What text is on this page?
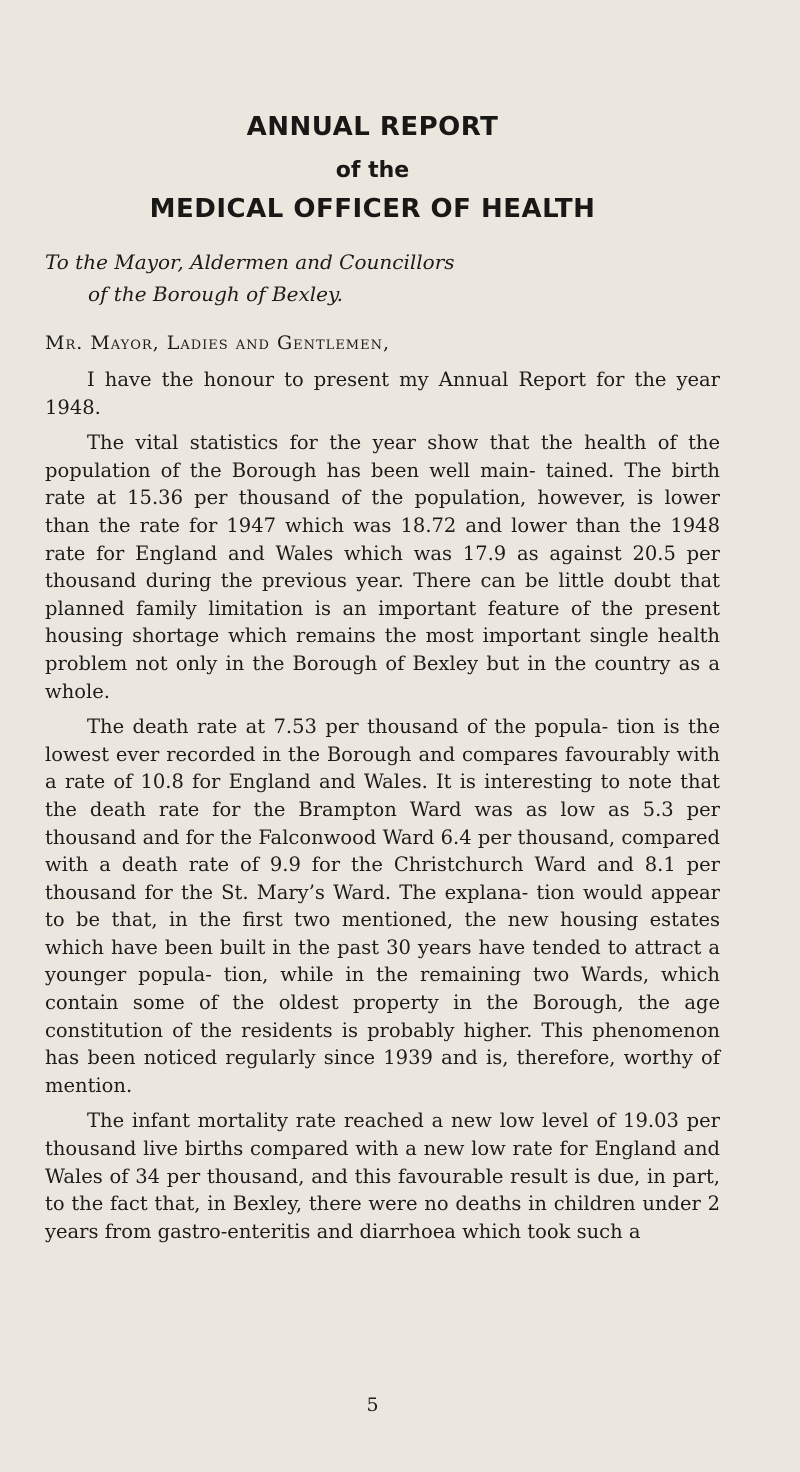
ANNUAL REPORT
of the
MEDICAL OFFICER OF HEALTH
To the Mayor, Aldermen and Councillors
of the Borough of Bexley.
Mr. Mayor, Ladies and Gentlemen,

I have the honour to present my Annual Report for the year 1948.

The vital statistics for the year show that the health of the population of the Borough has been well main- tained. The birth rate at 15.36 per thousand of the population, however, is lower than the rate for 1947 which was 18.72 and lower than the 1948 rate for England and Wales which was 17.9 as against 20.5 per thousand during the previous year. There can be little doubt that planned family limitation is an important feature of the present housing shortage which remains the most important single health problem not only in the Borough of Bexley but in the country as a whole.

The death rate at 7.53 per thousand of the popula- tion is the lowest ever recorded in the Borough and compares favourably with a rate of 10.8 for England and Wales. It is interesting to note that the death rate for the Brampton Ward was as low as 5.3 per thousand and for the Falconwood Ward 6.4 per thousand, compared with a death rate of 9.9 for the Christchurch Ward and 8.1 per thousand for the St. Mary’s Ward. The explana- tion would appear to be that, in the first two mentioned, the new housing estates which have been built in the past 30 years have tended to attract a younger popula- tion, while in the remaining two Wards, which contain some of the oldest property in the Borough, the age constitution of the residents is probably higher. This phenomenon has been noticed regularly since 1939 and is, therefore, worthy of mention.

The infant mortality rate reached a new low level of 19.03 per thousand live births compared with a new low rate for England and Wales of 34 per thousand, and this favourable result is due, in part, to the fact that, in Bexley, there were no deaths in children under 2 years from gastro-enteritis and diarrhoea which took such a

5
